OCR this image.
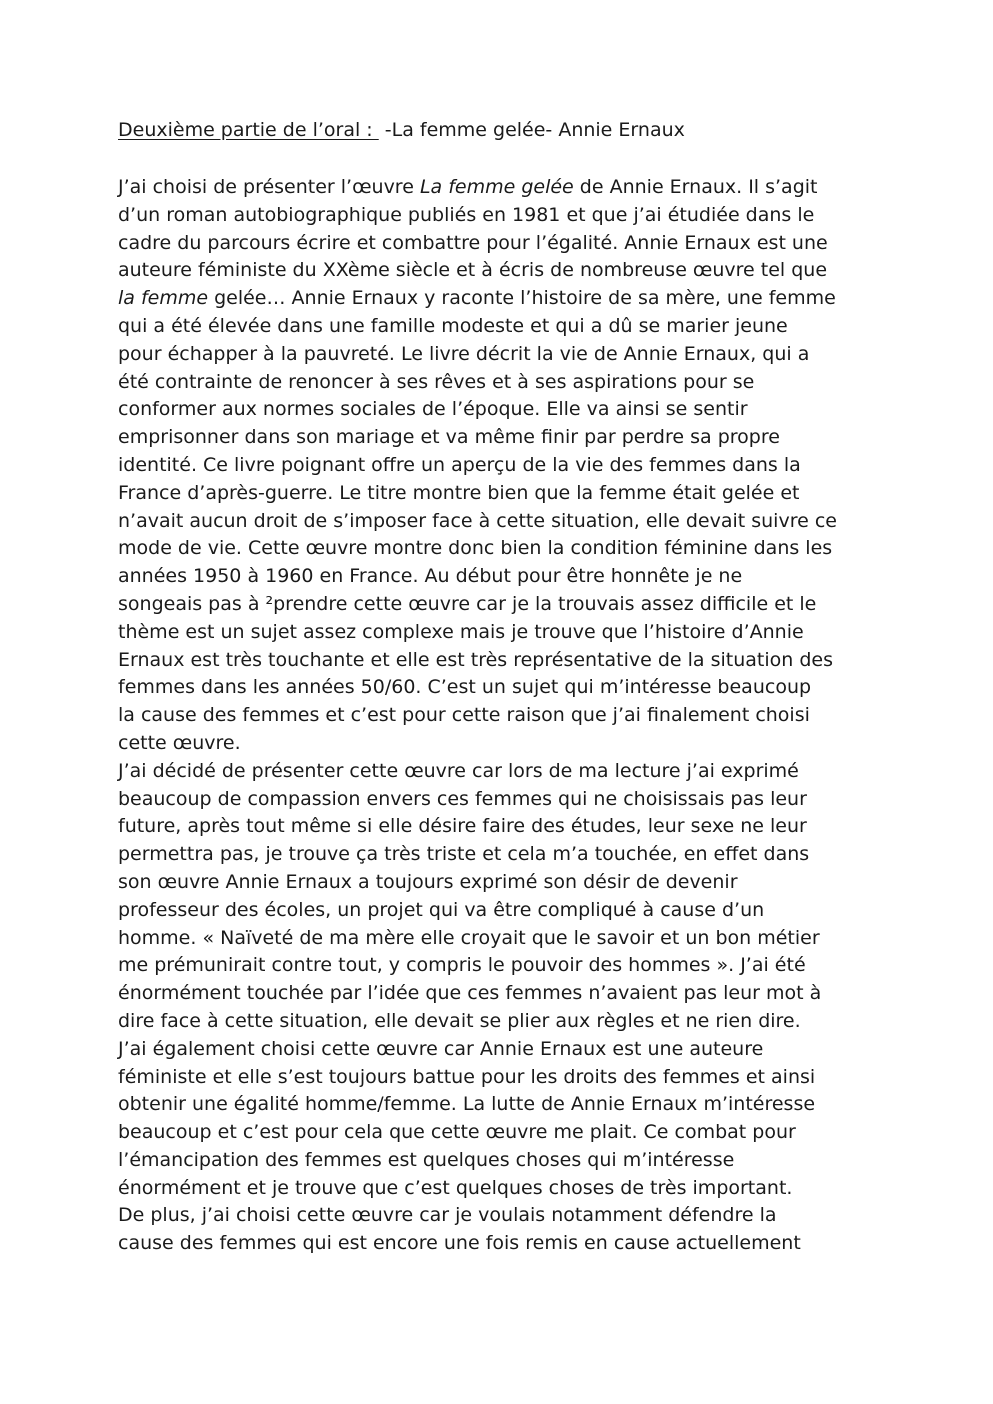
Deuxième partie de l’oral :  -La femme gelée- Annie Ernaux

J’ai choisi de présenter l’œuvre La femme gelée de Annie Ernaux. Il s’agit

d’un roman autobiographique publiés en 1981 et que j’ai étudiée dans le

cadre du parcours écrire et combattre pour l’égalité. Annie Ernaux est une

auteure féministe du XXème siècle et à écris de nombreuse œuvre tel que

la femme gelée… Annie Ernaux y raconte l’histoire de sa mère, une femme

qui a été élevée dans une famille modeste et qui a dû se marier jeune

pour échapper à la pauvreté. Le livre décrit la vie de Annie Ernaux, qui a

été contrainte de renoncer à ses rêves et à ses aspirations pour se

conformer aux normes sociales de l’époque. Elle va ainsi se sentir

emprisonner dans son mariage et va même finir par perdre sa propre

identité. Ce livre poignant offre un aperçu de la vie des femmes dans la

France d’après-guerre. Le titre montre bien que la femme était gelée et

n’avait aucun droit de s’imposer face à cette situation, elle devait suivre ce

mode de vie. Cette œuvre montre donc bien la condition féminine dans les

années 1950 à 1960 en France. Au début pour être honnête je ne

songeais pas à ²prendre cette œuvre car je la trouvais assez difficile et le

thème est un sujet assez complexe mais je trouve que l’histoire d’Annie

Ernaux est très touchante et elle est très représentative de la situation des

femmes dans les années 50/60. C’est un sujet qui m’intéresse beaucoup

la cause des femmes et c’est pour cette raison que j’ai finalement choisi

cette œuvre.

J’ai décidé de présenter cette œuvre car lors de ma lecture j’ai exprimé

beaucoup de compassion envers ces femmes qui ne choisissais pas leur

future, après tout même si elle désire faire des études, leur sexe ne leur

permettra pas, je trouve ça très triste et cela m’a touchée, en effet dans

son œuvre Annie Ernaux a toujours exprimé son désir de devenir

professeur des écoles, un projet qui va être compliqué à cause d’un

homme. « Naïveté de ma mère elle croyait que le savoir et un bon métier

me prémunirait contre tout, y compris le pouvoir des hommes ». J’ai été

énormément touchée par l’idée que ces femmes n’avaient pas leur mot à

dire face à cette situation, elle devait se plier aux règles et ne rien dire.

J’ai également choisi cette œuvre car Annie Ernaux est une auteure

féministe et elle s’est toujours battue pour les droits des femmes et ainsi

obtenir une égalité homme/femme. La lutte de Annie Ernaux m’intéresse

beaucoup et c’est pour cela que cette œuvre me plait. Ce combat pour

l’émancipation des femmes est quelques choses qui m’intéresse

énormément et je trouve que c’est quelques choses de très important.

De plus, j’ai choisi cette œuvre car je voulais notamment défendre la

cause des femmes qui est encore une fois remis en cause actuellement
